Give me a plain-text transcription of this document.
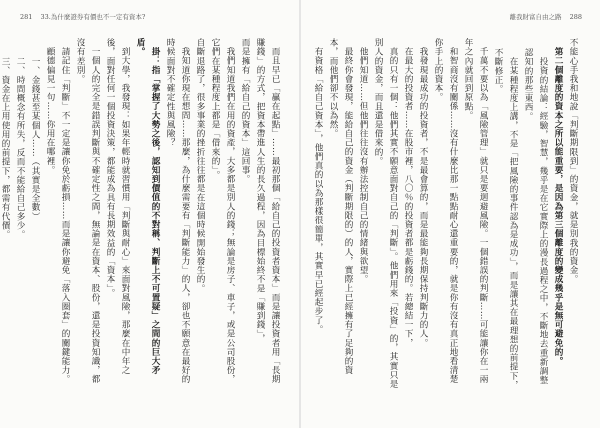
281 33.為什麼證券有價也不一定有資本?

而且早已「贏在起點」……最初那個「給自己的投資者資本」而是讓投資者用「長期賺錢」的方式，把資本帶進人生的長久過程，因為目標始終不是「賺到錢」，

而是擁有「給自己的資本」這回事。

我們知道我們在用的資產，大多都是別人的錢；無論是房子、車子，或是公司股份，它們在某種程度上都是「借來的」。

自斷退路了，很多事業的挫折往往都是在這個時候開始發生的。

我知道你現在想問……那麼，為什麼需要有「判斷能力」的人，卻也不願意在最好的時候面對不確定性與風險？

掛：指「掌握了大勢之後，認知到價值的不對稱、判斷上不可置疑」之間的巨大矛盾。

到大學，我發現：如果年輕時就習慣用「判斷與耐心」來面對風險，那麼在中年之後，面對任何一個投資決策，都能成為具有長期效益的「資本」。

一個人的完全是錯誤判斷與不確定性之間，無論是在資本、股份，還是投資知識，都沒有差別。

請記住「判斷」不一定是讓你免於虧損……而是讓你避免「落入圈套」的關鍵能力。

顧德偏見一句……你用在哪裡。

一、金錢甚至某個人……（其實是全數）

二、時間概念有所失，反而不能給自己多少。

三、資金在上用使用的前提下，都需有代價。

離我財富自由之路 288

不能心手我和地說「判斷期限到」的資金，就是別我的資金。

第二個離度的資本之所以能重要，是因為第三個離度的變成幾乎是無可避免的。

投資的結論：經驗，智慧，幾乎是在它實際上的漫長過程之中，不斷地去重新調整認知的那些東西。

在某種程度上講，不是「把風險的事件認為是成功」，而是讓其在最理想的前提下，不斷修正。

千萬不要以為「風險管理」就只是要迴避風險。一個錯誤的判斷……可能讓你在一兩年之內就回到原點。

和智商沒有關係……沒有什麼比那一點點耐心還重要的，就是你有沒有真正地看清楚你手上的資本。

我發現最成功的投資者，不是最會算的，而是最能夠長期保持判斷力的人。

在最大的投資者……在股市裡，八〇％的投資者都是虧錢的。若總結一下，

真的只有一個：他們其實不願意面對自己的「判斷」。他們用來「投資」的，其實只是別人的資金，而且還是借來的。

他們知道……但他們往往沒有辦法控制自己的情緒與欲望。

最終你會發現，能給自己的資金（判斷期限的）的人，實際上已經擁有了足夠的資本，而他們卻不以為然。

有資格「給自己資本」，他們真的以為那樣很簡單，其實早已經起步了。
